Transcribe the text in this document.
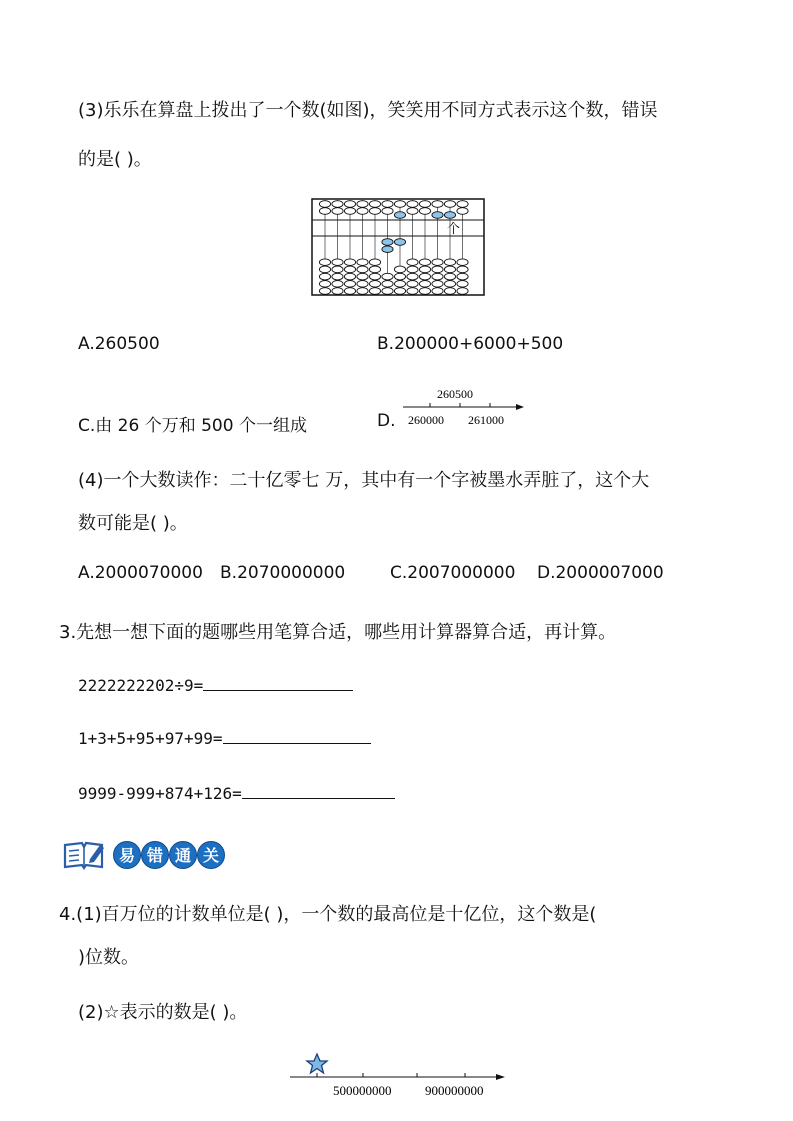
(3)乐乐在算盘上拨出了一个数(如图)，笑笑用不同方式表示这个数，错误
的是( )。
个
A.260500	B.200000+6000+500
C.由 26 个万和 500 个一组成	D.
260500
260000 261000
(4)一个大数读作：二十亿零七 万，其中有一个字被墨水弄脏了，这个大
数可能是( )。
A.2000070000 B.2070000000	C.2007000000 D.2000007000
3.先想一想下面的题哪些用笔算合适，哪些用计算器算合适，再计算。
2222222202÷9=
1+3+5+95+97+99=
9999-999+874+126=
易 错 通 关
4.(1)百万位的计数单位是( )，一个数的最高位是十亿位，这个数是(
)位数。
(2)☆表示的数是( )。
500000000	900000000
